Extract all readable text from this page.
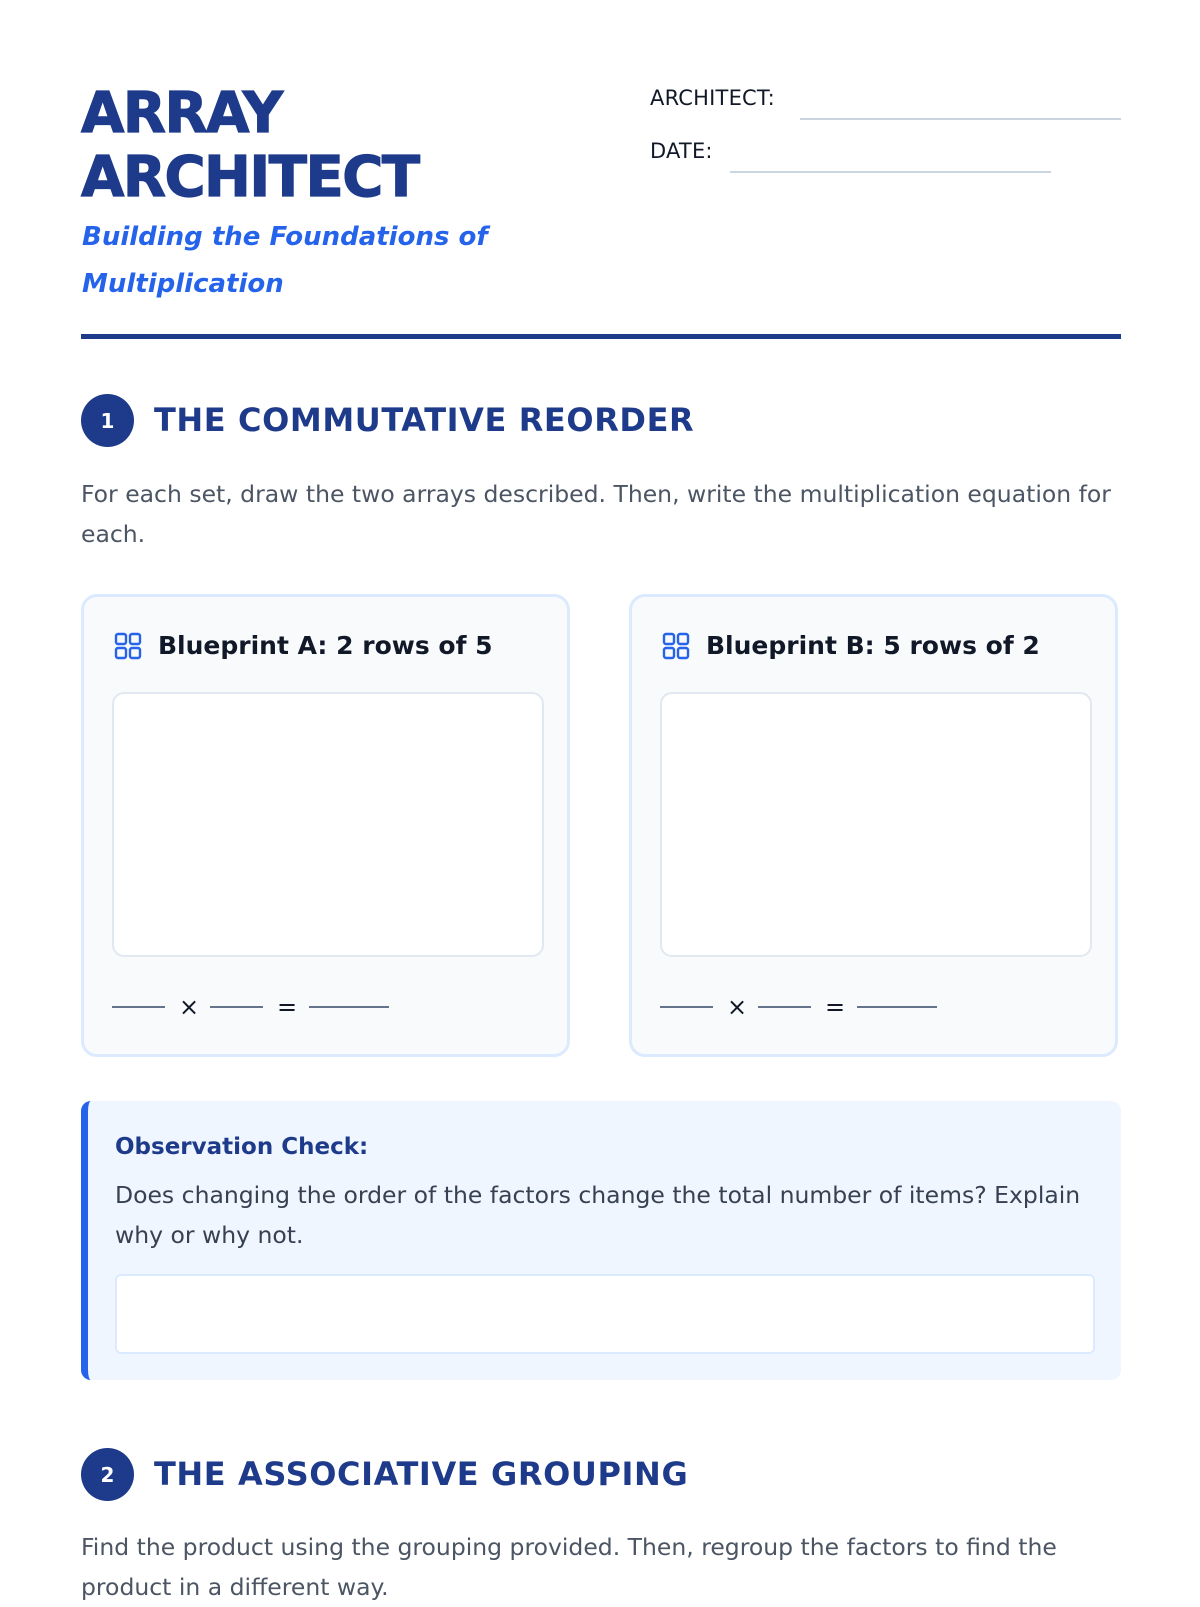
ARRAY
ARCHITECT
Building the Foundations of Multiplication
ARCHITECT:
DATE:
1	THE COMMUTATIVE REORDER

For each set, draw the two arrays described. Then, write the multiplication equation for each.

Blueprint A: 2 rows of 5
×	=
Blueprint B: 5 rows of 2
×	=
Observation Check:

Does changing the order of the factors change the total number of items? Explain why or why not.

2	THE ASSOCIATIVE GROUPING

Find the product using the grouping provided. Then, regroup the factors to find the product in a different way.
